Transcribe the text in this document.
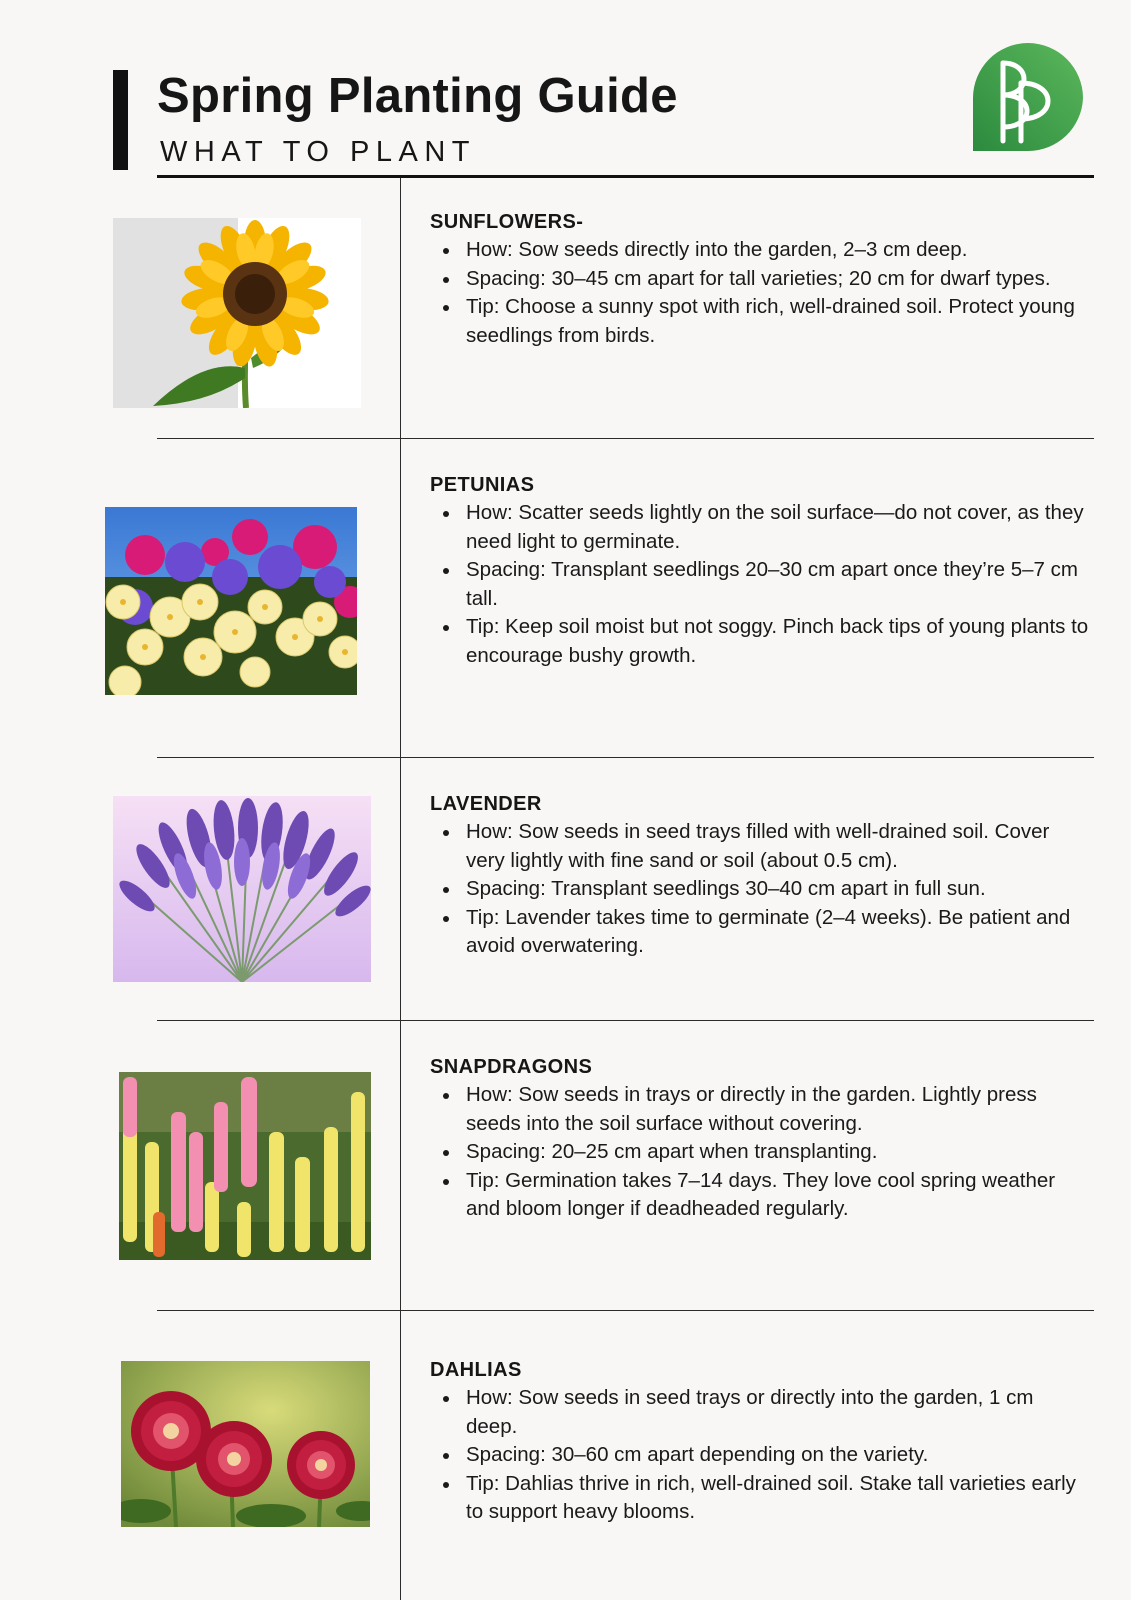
Spring Planting Guide

WHAT TO PLANT

SUNFLOWERS-
How: Sow seeds directly into the garden, 2–3 cm deep.
Spacing: 30–45 cm apart for tall varieties; 20 cm for dwarf types.
Tip: Choose a sunny spot with rich, well-drained soil. Protect young seedlings from birds.
PETUNIAS
How: Scatter seeds lightly on the soil surface—do not cover, as they need light to germinate.
Spacing: Transplant seedlings 20–30 cm apart once they’re 5–7 cm tall.
Tip: Keep soil moist but not soggy. Pinch back tips of young plants to encourage bushy growth.
LAVENDER
How: Sow seeds in seed trays filled with well-drained soil. Cover very lightly with fine sand or soil (about 0.5 cm).
Spacing: Transplant seedlings 30–40 cm apart in full sun.
Tip: Lavender takes time to germinate (2–4 weeks). Be patient and avoid overwatering.
SNAPDRAGONS
How: Sow seeds in trays or directly in the garden. Lightly press seeds into the soil surface without covering.
Spacing: 20–25 cm apart when transplanting.
Tip: Germination takes 7–14 days. They love cool spring weather and bloom longer if deadheaded regularly.
DAHLIAS
How: Sow seeds in seed trays or directly into the garden, 1 cm deep.
Spacing: 30–60 cm apart depending on the variety.
Tip: Dahlias thrive in rich, well-drained soil. Stake tall varieties early to support heavy blooms.
